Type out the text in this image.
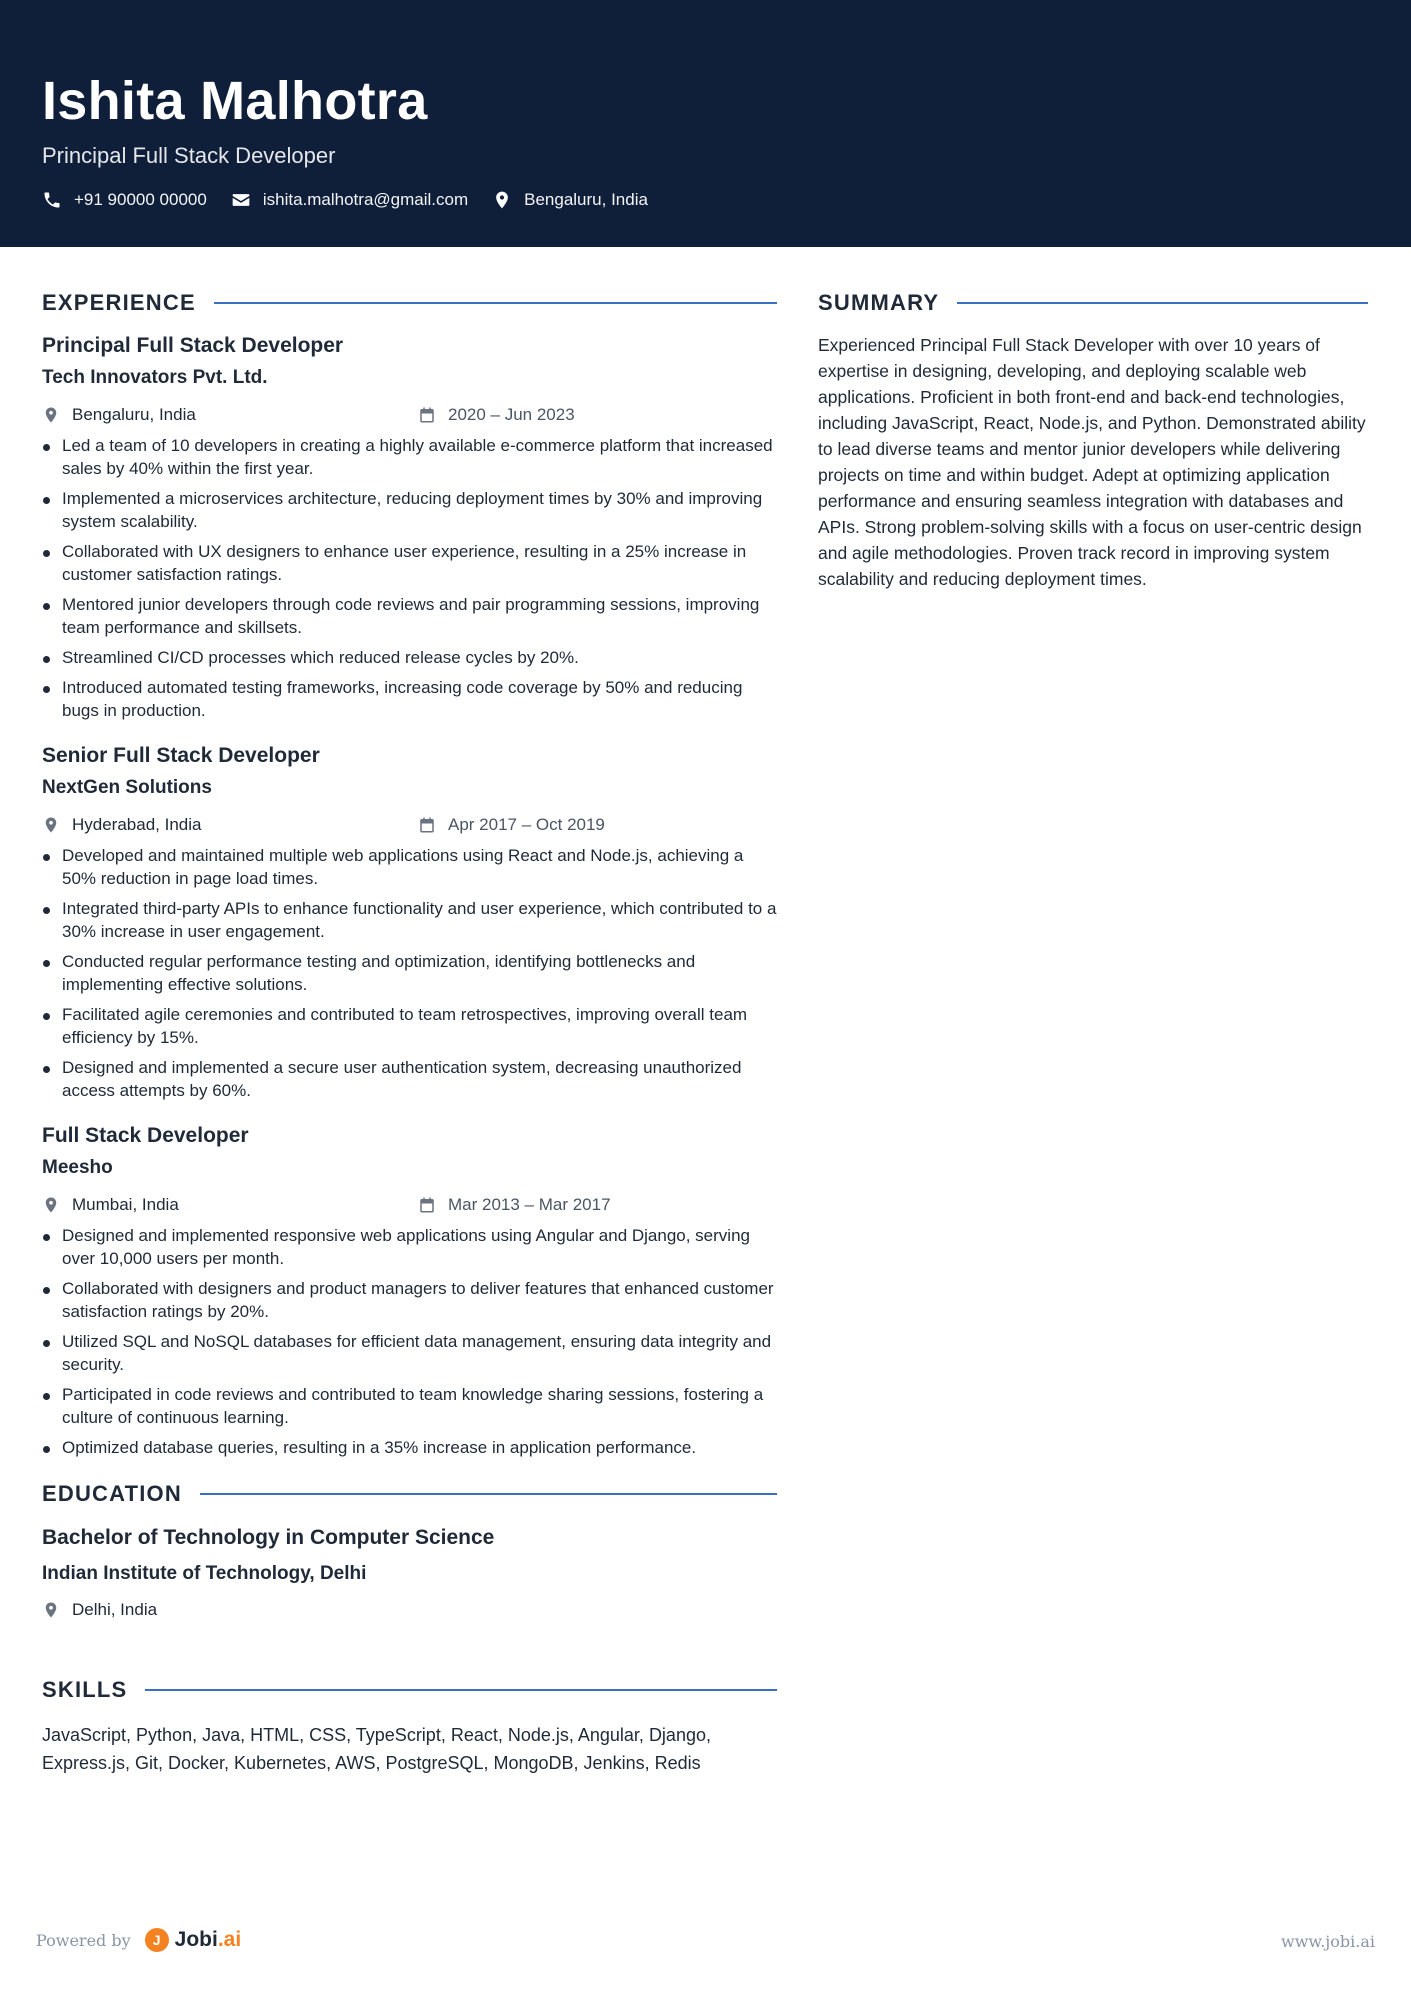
Ishita Malhotra
Principal Full Stack Developer
+91 90000 00000	ishita.malhotra@gmail.com	Bengaluru, India
EXPERIENCE
Principal Full Stack Developer
Tech Innovators Pvt. Ltd.
Bengaluru, India	2020 – Jun 2023
Led a team of 10 developers in creating a highly available e-commerce platform that increased sales by 40% within the first year.
Implemented a microservices architecture, reducing deployment times by 30% and improving system scalability.
Collaborated with UX designers to enhance user experience, resulting in a 25% increase in customer satisfaction ratings.
Mentored junior developers through code reviews and pair programming sessions, improving team performance and skillsets.
Streamlined CI/CD processes which reduced release cycles by 20%.
Introduced automated testing frameworks, increasing code coverage by 50% and reducing bugs in production.
Senior Full Stack Developer
NextGen Solutions
Hyderabad, India	Apr 2017 – Oct 2019
Developed and maintained multiple web applications using React and Node.js, achieving a 50% reduction in page load times.
Integrated third-party APIs to enhance functionality and user experience, which contributed to a 30% increase in user engagement.
Conducted regular performance testing and optimization, identifying bottlenecks and implementing effective solutions.
Facilitated agile ceremonies and contributed to team retrospectives, improving overall team efficiency by 15%.
Designed and implemented a secure user authentication system, decreasing unauthorized access attempts by 60%.
Full Stack Developer
Meesho
Mumbai, India	Mar 2013 – Mar 2017
Designed and implemented responsive web applications using Angular and Django, serving over 10,000 users per month.
Collaborated with designers and product managers to deliver features that enhanced customer satisfaction ratings by 20%.
Utilized SQL and NoSQL databases for efficient data management, ensuring data integrity and security.
Participated in code reviews and contributed to team knowledge sharing sessions, fostering a culture of continuous learning.
Optimized database queries, resulting in a 35% increase in application performance.
EDUCATION
Bachelor of Technology in Computer Science
Indian Institute of Technology, Delhi
Delhi, India
SKILLS
JavaScript, Python, Java, HTML, CSS, TypeScript, React, Node.js, Angular, Django, Express.js, Git, Docker, Kubernetes, AWS, PostgreSQL, MongoDB, Jenkins, Redis
SUMMARY
Experienced Principal Full Stack Developer with over 10 years of expertise in designing, developing, and deploying scalable web applications. Proficient in both front-end and back-end technologies, including JavaScript, React, Node.js, and Python. Demonstrated ability to lead diverse teams and mentor junior developers while delivering projects on time and within budget. Adept at optimizing application performance and ensuring seamless integration with databases and APIs. Strong problem-solving skills with a focus on user-centric design and agile methodologies. Proven track record in improving system scalability and reducing deployment times.
Powered by	J Jobi.ai	www.jobi.ai
